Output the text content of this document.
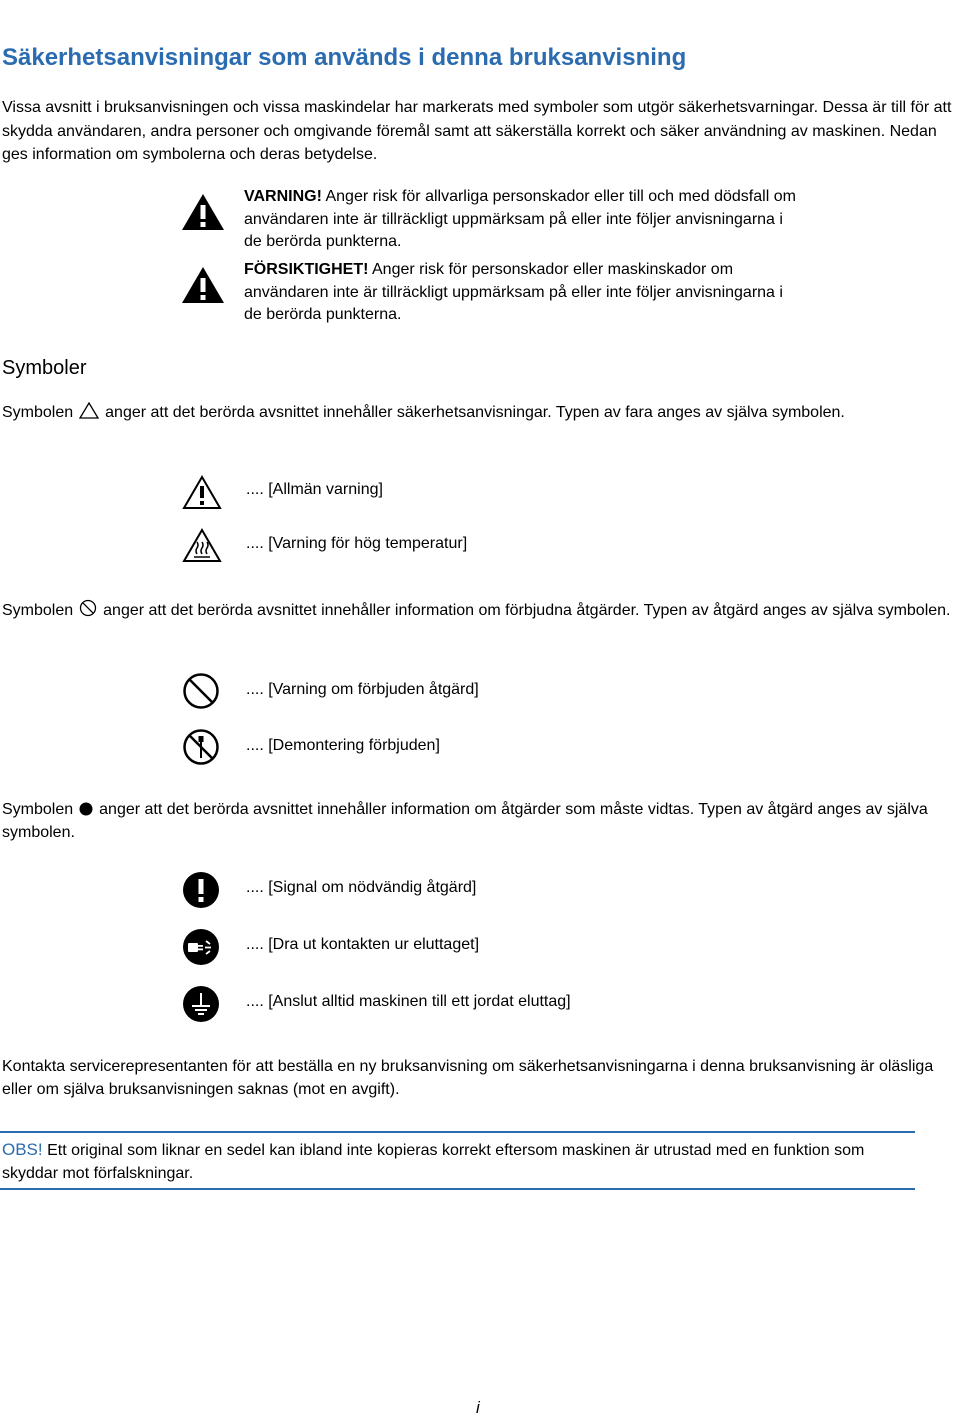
Säkerhetsanvisningar som används i denna bruksanvisning
Vissa avsnitt i bruksanvisningen och vissa maskindelar har markerats med symboler som utgör säkerhetsvarningar. Dessa är till för att skydda användaren, andra personer och omgivande föremål samt att säkerställa korrekt och säker användning av maskinen. Nedan ges information om symbolerna och deras betydelse.
VARNING! Anger risk för allvarliga personskador eller till och med dödsfall om användaren inte är tillräckligt uppmärksam på eller inte följer anvisningarna i de berörda punkterna.
FÖRSIKTIGHET! Anger risk för personskador eller maskinskador om användaren inte är tillräckligt uppmärksam på eller inte följer anvisningarna i de berörda punkterna.
Symboler
Symbolen anger att det berörda avsnittet innehåller säkerhetsanvisningar. Typen av fara anges av själva symbolen.
.... [Allmän varning]
.... [Varning för hög temperatur]
Symbolen anger att det berörda avsnittet innehåller information om förbjudna åtgärder. Typen av åtgärd anges av själva symbolen.
.... [Varning om förbjuden åtgärd]
.... [Demontering förbjuden]
Symbolen anger att det berörda avsnittet innehåller information om åtgärder som måste vidtas. Typen av åtgärd anges av själva symbolen.
.... [Signal om nödvändig åtgärd]
.... [Dra ut kontakten ur eluttaget]
.... [Anslut alltid maskinen till ett jordat eluttag]
Kontakta servicerepresentanten för att beställa en ny bruksanvisning om säkerhetsanvisningarna i denna bruksanvisning är oläsliga eller om själva bruksanvisningen saknas (mot en avgift).
OBS! Ett original som liknar en sedel kan ibland inte kopieras korrekt eftersom maskinen är utrustad med en funktion som skyddar mot förfalskningar.
i
